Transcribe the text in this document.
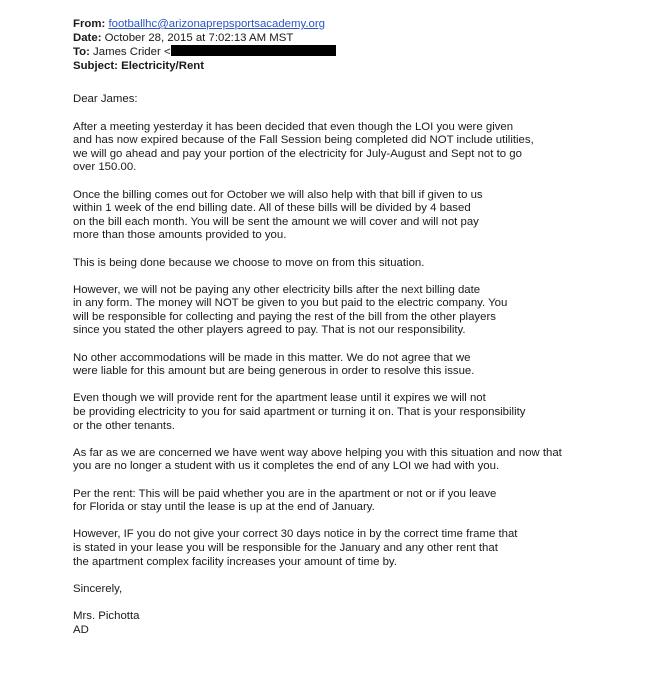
From: footballhc@arizonaprepsportsacademy.org
Date: October 28, 2015 at 7:02:13 AM MST
To: James Crider <
Subject: Electricity/Rent

Dear James:

After a meeting yesterday it has been decided that even though the LOI you were given
and has now expired because of the Fall Session being completed did NOT include utilities,
we will go ahead and pay your portion of the electricity for July-August and Sept not to go
over 150.00.

Once the billing comes out for October we will also help with that bill if given to us
within 1 week of the end billing date. All of these bills will be divided by 4 based
on the bill each month. You will be sent the amount we will cover and will not pay
more than those amounts provided to you.

This is being done because we choose to move on from this situation.

However, we will not be paying any other electricity bills after the next billing date
in any form. The money will NOT be given to you but paid to the electric company. You
will be responsible for collecting and paying the rest of the bill from the other players
since you stated the other players agreed to pay. That is not our responsibility.

No other accommodations will be made in this matter. We do not agree that we
were liable for this amount but are being generous in order to resolve this issue.

Even though we will provide rent for the apartment lease until it expires we will not
be providing electricity to you for said apartment or turning it on. That is your responsibility
or the other tenants.

As far as we are concerned we have went way above helping you with this situation and now that
you are no longer a student with us it completes the end of any LOI we had with you.

Per the rent: This will be paid whether you are in the apartment or not or if you leave
for Florida or stay until the lease is up at the end of January.

However, IF you do not give your correct 30 days notice in by the correct time frame that
is stated in your lease you will be responsible for the January and any other rent that
the apartment complex facility increases your amount of time by.

Sincerely,

Mrs. Pichotta
AD
